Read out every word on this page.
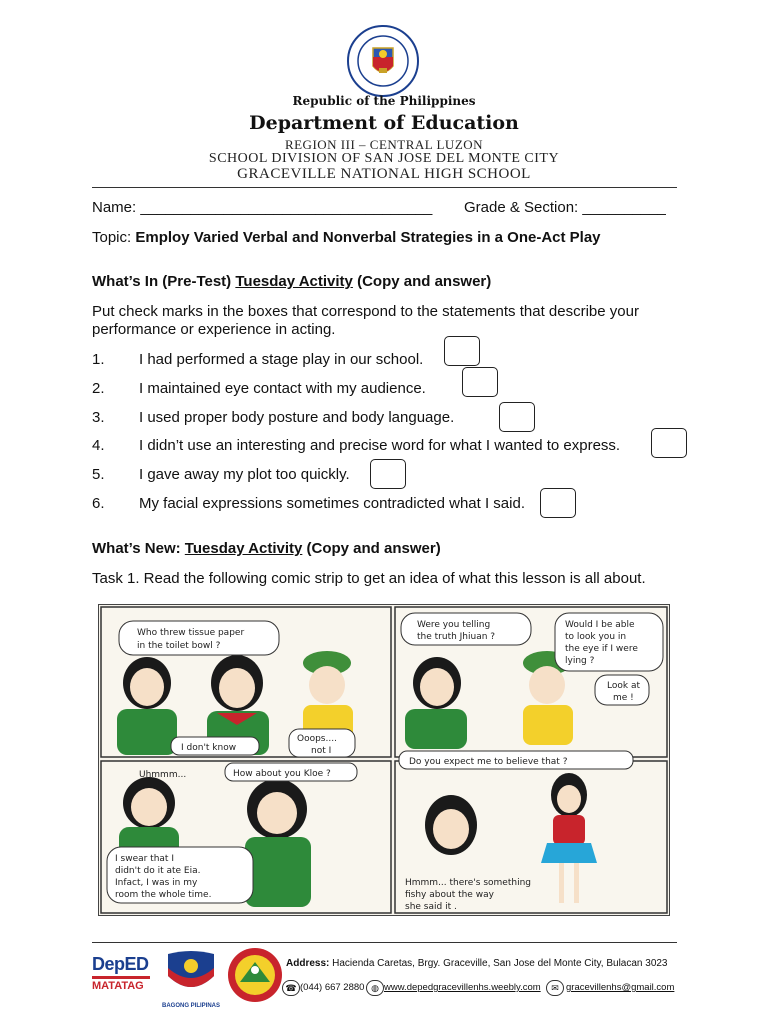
Republic of the Philippines
Department of Education
REGION III – CENTRAL LUZON
SCHOOL DIVISION OF SAN JOSE DEL MONTE CITY
GRACEVILLE NATIONAL HIGH SCHOOL
Name: ___________________________________ Grade & Section: __________
Topic: Employ Varied Verbal and Nonverbal Strategies in a One-Act Play
What’s In (Pre-Test) Tuesday Activity (Copy and answer)
Put check marks in the boxes that correspond to the statements that describe your
performance or experience in acting.
1. I had performed a stage play in our school.
2. I maintained eye contact with my audience.
3. I used proper body posture and body language.
4. I didn’t use an interesting and precise word for what I wanted to express.
5. I gave away my plot too quickly.
6. My facial expressions sometimes contradicted what I said.
What’s New: Tuesday Activity (Copy and answer)
Task 1. Read the following comic strip to get an idea of what this lesson is all about.
Who threw tissue paper
in the toilet bowl ?
I don't know
Ooops....
not I
Were you telling
the truth Jhiuan ?
Would I be able
to look you in
the eye if I were
lying ?
Look at
me !
Do you expect me to believe that ?
Uhmmm...	How about you Kloe ?
I swear that I
didn't do it ate Eia.
Infact, I was in my
room the whole time.
Hmmm... there's something
fishy about the way
she said it .
DepED
MATATAG
BAGONG PILIPINAS
Address: Hacienda Caretas, Brgy. Graceville, San Jose del Monte City, Bulacan 3023
☎ (044) 667 2880 ◍ www.depedgracevillenhs.weebly.com	✉ gracevillenhs@gmail.com
